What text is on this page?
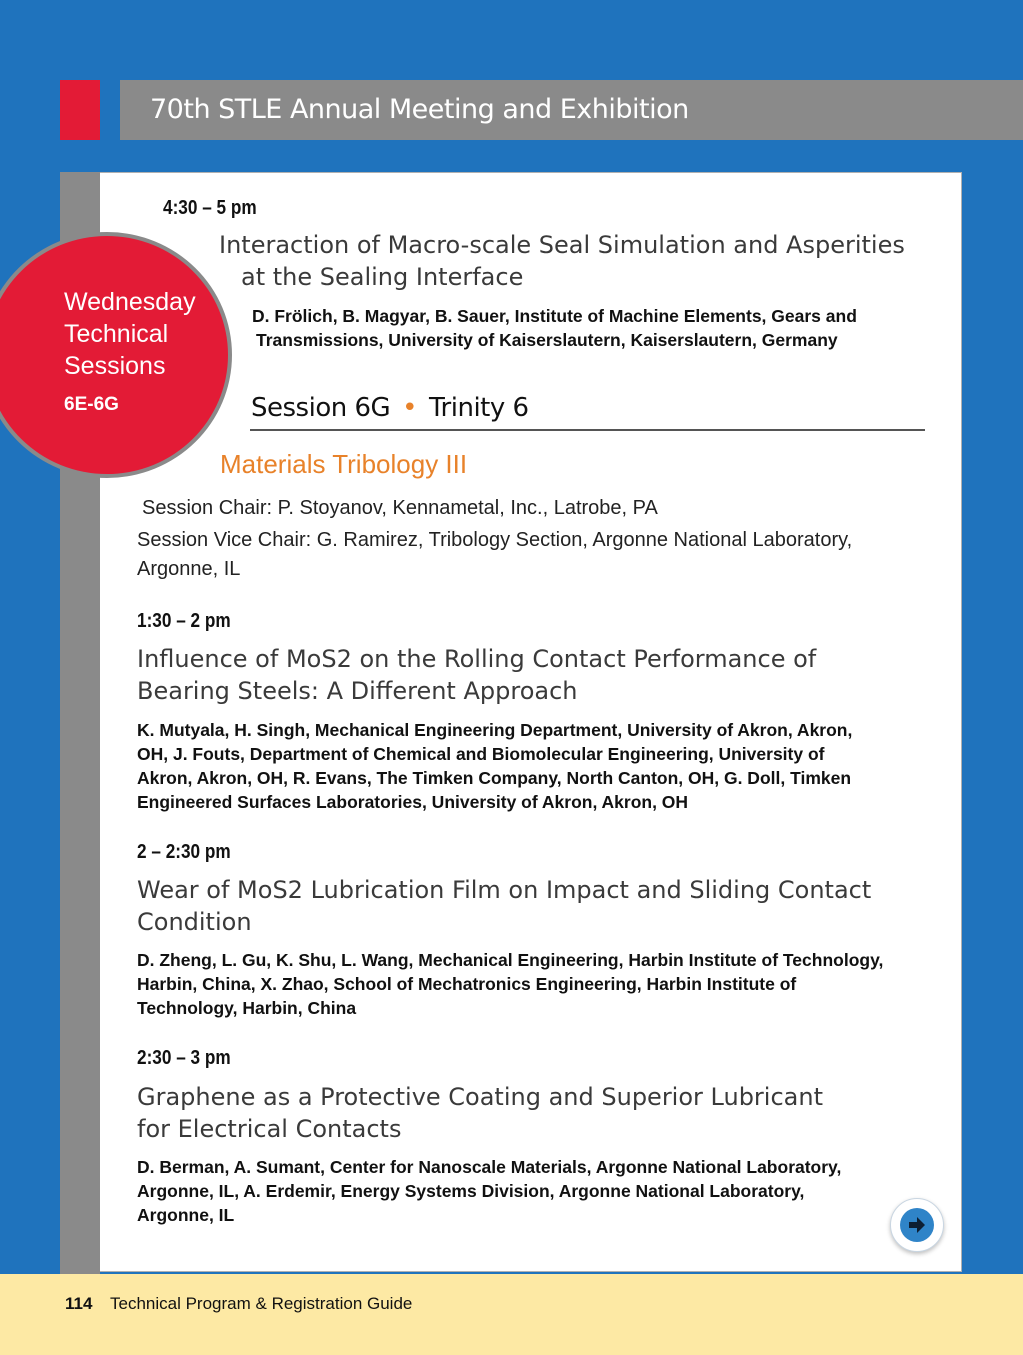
70th STLE Annual Meeting and Exhibition
Wednesday
Technical
Sessions
6E-6G

4:30 – 5 pm

Interaction of Macro-scale Seal Simulation and Asperities

at the Sealing Interface

D. Frölich, B. Magyar, B. Sauer, Institute of Machine Elements, Gears and

Transmissions, University of Kaiserslautern, Kaiserslautern, Germany

Session 6G • Trinity 6

Materials Tribology III

Session Chair: P. Stoyanov, Kennametal, Inc., Latrobe, PA

Session Vice Chair: G. Ramirez, Tribology Section, Argonne National Laboratory,

Argonne, IL

1:30 – 2 pm

Influence of MoS2 on the Rolling Contact Performance of

Bearing Steels: A Different Approach

K. Mutyala, H. Singh, Mechanical Engineering Department, University of Akron, Akron,

OH, J. Fouts, Department of Chemical and Biomolecular Engineering, University of

Akron, Akron, OH, R. Evans, The Timken Company, North Canton, OH, G. Doll, Timken

Engineered Surfaces Laboratories, University of Akron, Akron, OH

2 – 2:30 pm

Wear of MoS2 Lubrication Film on Impact and Sliding Contact

Condition

D. Zheng, L. Gu, K. Shu, L. Wang, Mechanical Engineering, Harbin Institute of Technology,

Harbin, China, X. Zhao, School of Mechatronics Engineering, Harbin Institute of

Technology, Harbin, China

2:30 – 3 pm

Graphene as a Protective Coating and Superior Lubricant

for Electrical Contacts

D. Berman, A. Sumant, Center for Nanoscale Materials, Argonne National Laboratory,

Argonne, IL, A. Erdemir, Energy Systems Division, Argonne National Laboratory,

Argonne, IL

114 Technical Program & Registration Guide
